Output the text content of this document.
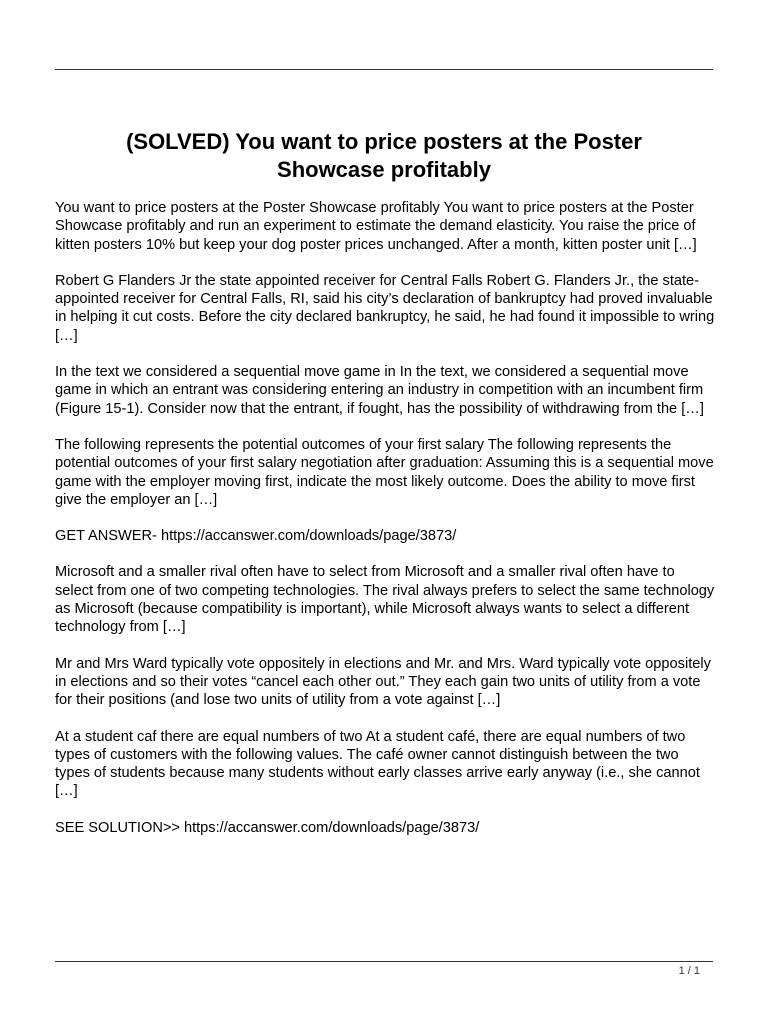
(SOLVED) You want to price posters at the Poster Showcase profitably

You want to price posters at the Poster Showcase profitably You want to price posters at the Poster Showcase profitably and run an experiment to estimate the demand elasticity. You raise the price of kitten posters 10% but keep your dog poster prices unchanged. After a month, kitten poster unit […]

Robert G Flanders Jr the state appointed receiver for Central Falls Robert G. Flanders Jr., the state-appointed receiver for Central Falls, RI, said his city’s declaration of bankruptcy had proved invaluable in helping it cut costs. Before the city declared bankruptcy, he said, he had found it impossible to wring […]

In the text we considered a sequential move game in In the text, we considered a sequential move game in which an entrant was considering entering an industry in competition with an incumbent firm (Figure 15-1). Consider now that the entrant, if fought, has the possibility of withdrawing from the […]

The following represents the potential outcomes of your first salary The following represents the potential outcomes of your first salary negotiation after graduation: Assuming this is a sequential move game with the employer moving first, indicate the most likely outcome. Does the ability to move first give the employer an […]

GET ANSWER- https://accanswer.com/downloads/page/3873/

Microsoft and a smaller rival often have to select from Microsoft and a smaller rival often have to select from one of two competing technologies. The rival always prefers to select the same technology as Microsoft (because compatibility is important), while Microsoft always wants to select a different technology from […]

Mr and Mrs Ward typically vote oppositely in elections and Mr. and Mrs. Ward typically vote oppositely in elections and so their votes “cancel each other out.” They each gain two units of utility from a vote for their positions (and lose two units of utility from a vote against […]

At a student caf there are equal numbers of two At a student café, there are equal numbers of two types of customers with the following values. The café owner cannot distinguish between the two types of students because many students without early classes arrive early anyway (i.e., she cannot […]

SEE SOLUTION>> https://accanswer.com/downloads/page/3873/

1 / 1
